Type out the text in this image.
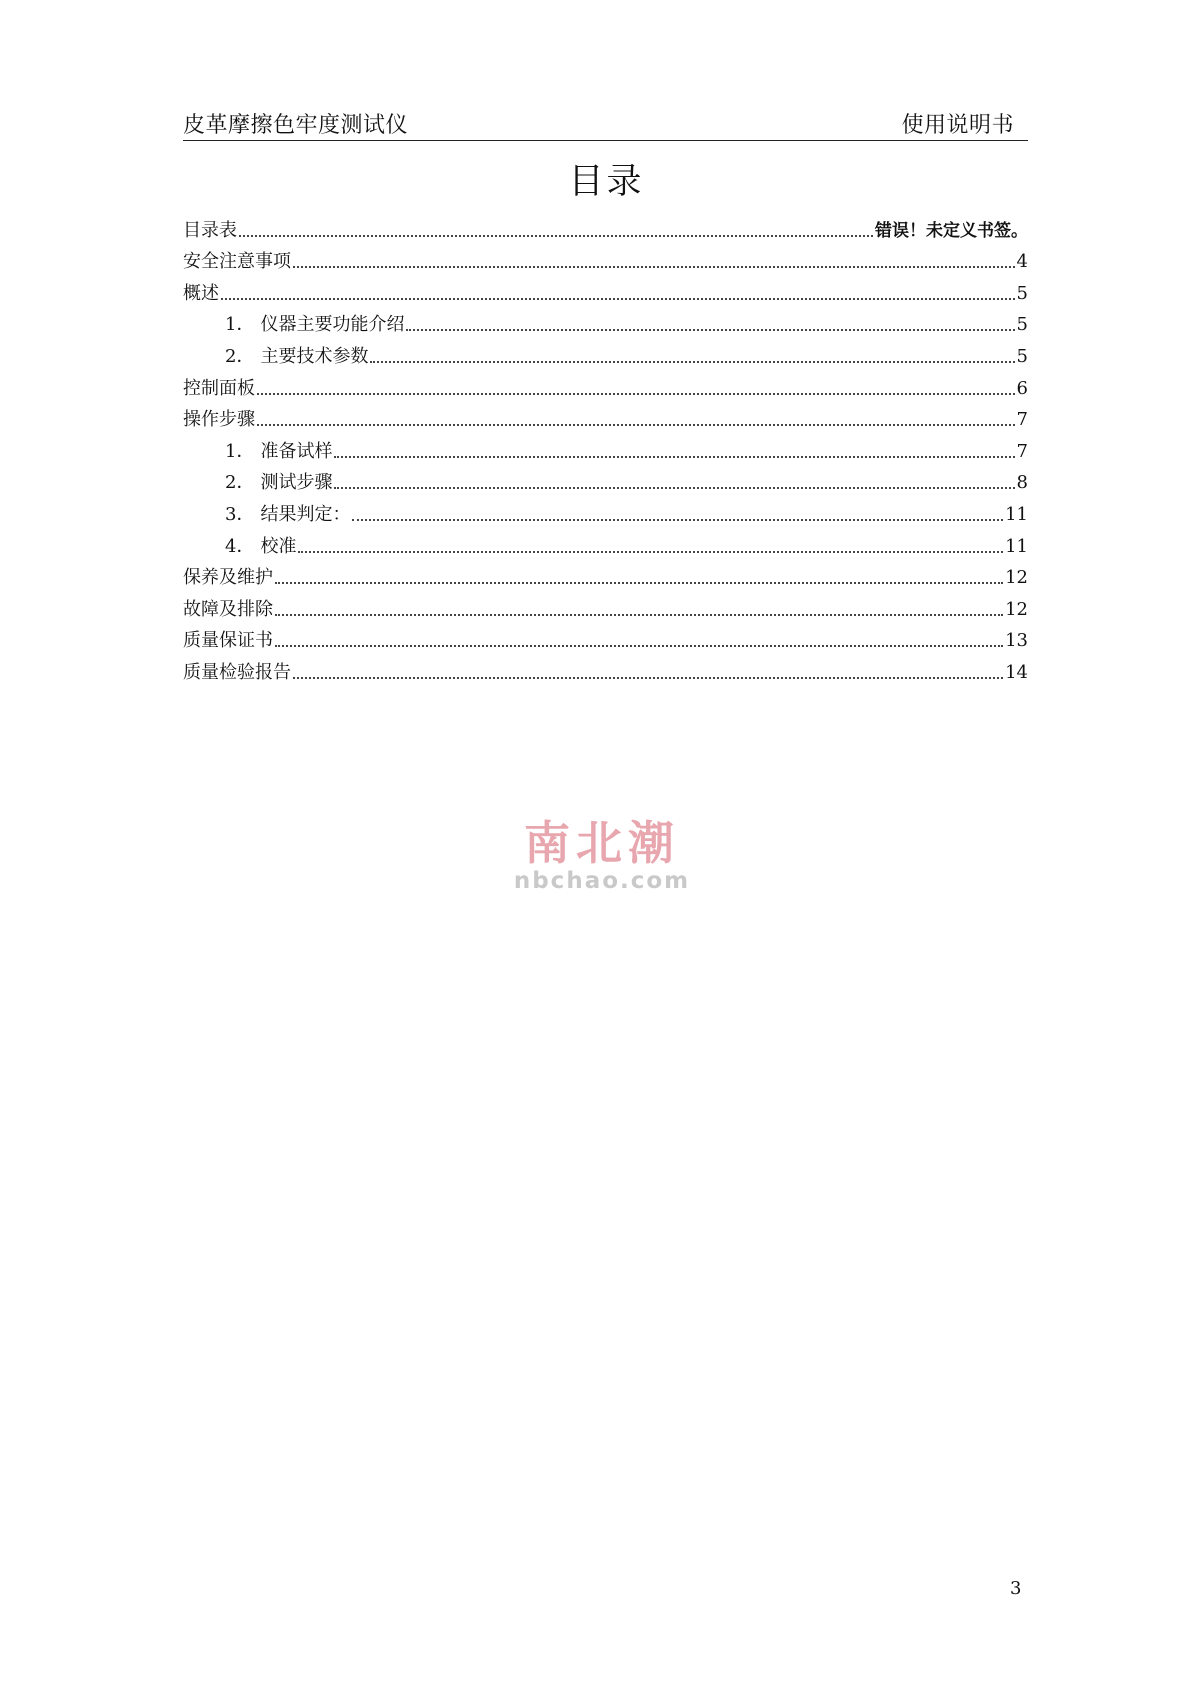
皮革摩擦色牢度测试仪	使用说明书
目录
目录表	错误！未定义书签。
安全注意事项	4
概述	5
1． 仪器主要功能介绍	5
2． 主要技术参数	5
控制面板	6
操作步骤	7
1． 准备试样	7
2． 测试步骤	8
3． 结果判定：	11
4． 校准	11
保养及维护	12
故障及排除	12
质量保证书	13
质量检验报告	14
南北潮
nbchao.com
3
